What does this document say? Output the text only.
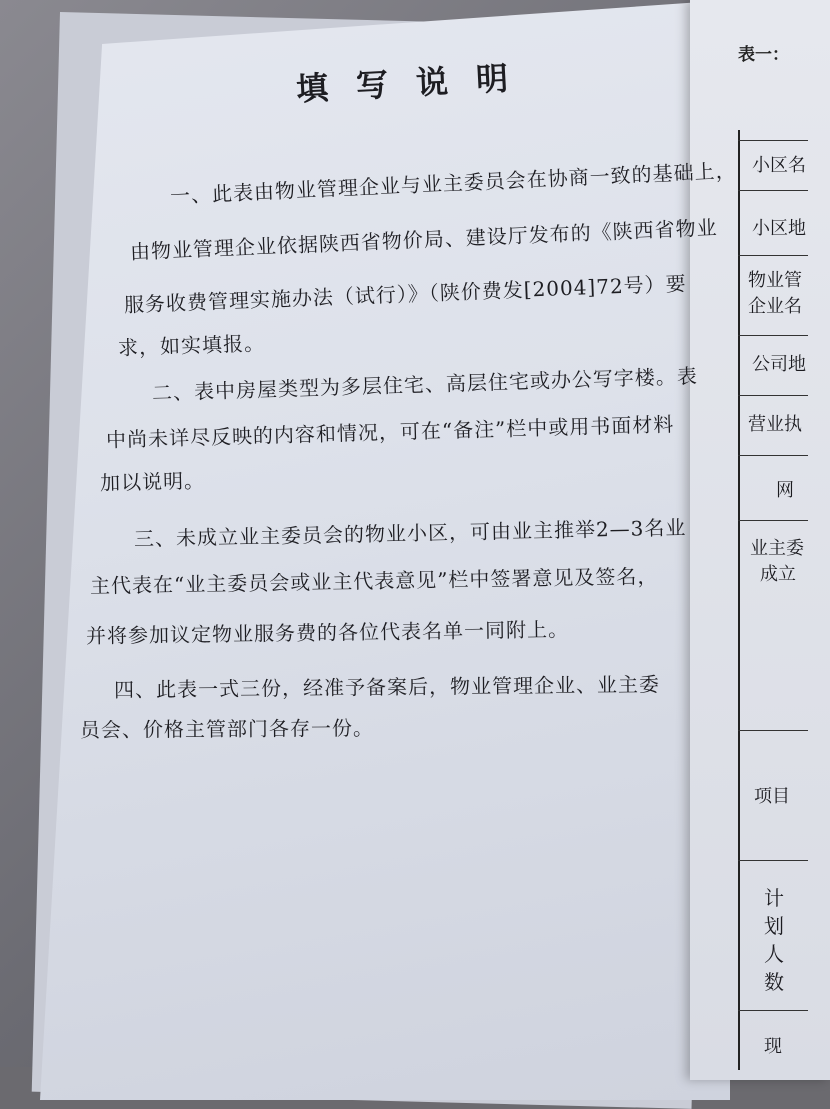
填写说明
一、此表由物业管理企业与业主委员会在协商一致的基础上，
由物业管理企业依据陕西省物价局、建设厅发布的《陕西省物业
服务收费管理实施办法（试行）》（陕价费发[2004]72号）要
求，如实填报。
二、表中房屋类型为多层住宅、高层住宅或办公写字楼。表
中尚未详尽反映的内容和情况，可在“备注”栏中或用书面材料
加以说明。
三、未成立业主委员会的物业小区，可由业主推举2—3名业
主代表在“业主委员会或业主代表意见”栏中签署意见及签名，
并将参加议定物业服务费的各位代表名单一同附上。
四、此表一式三份，经准予备案后，物业管理企业、业主委
员会、价格主管部门各存一份。
表一：
小区名
小区地
物业管
企业名
公司地
营业执
网
业主委
成立
项目
计划人数
现
